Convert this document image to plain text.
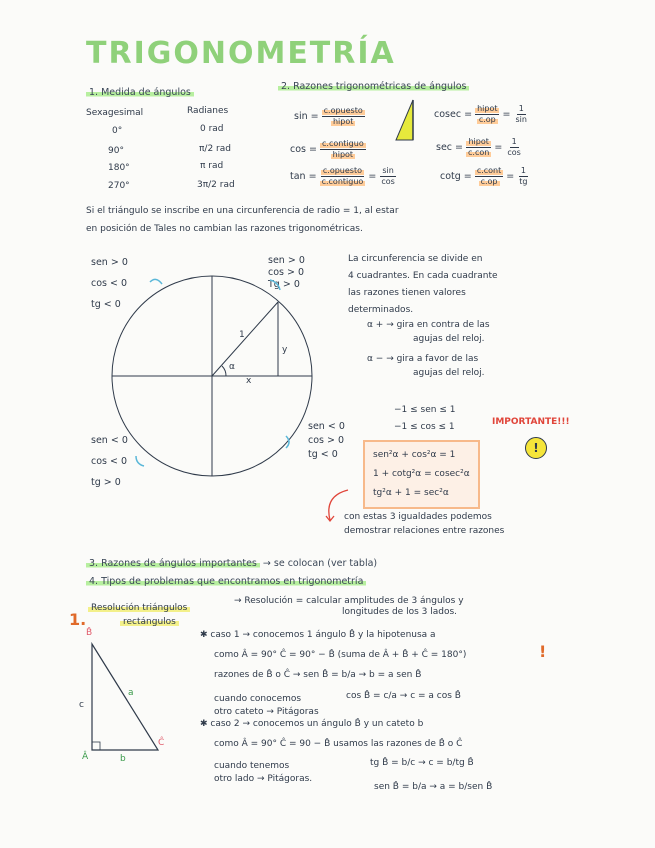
TRIGONOMETRÍA
1. Medida de ángulos
Sexagesimal	Radianes
0°	0 rad
90°	π/2 rad
180°	π rad
270°	3π/2 rad
2. Razones trigonométricas de ángulos
$\sin = \frac{\text{c.opuesto}}{\text{hipot}}$
$\cos = \frac{\text{c.contiguo}}{\text{hipot}}$
$\tan = \frac{\text{c.opuesto}}{\text{c.contiguo}} = \frac{\sin}{\cos}$
$cosec = \frac{\text{hipot}}{c.op} = \frac{1}{\sin}$
$\sec = \frac{\text{hipot}}{\text{c.con}} = \frac{1}{\cos}$
$\cot g = \frac{\text{c.cont}}{c.op} = \frac{1}{tg}$
Si el triángulo se inscribe en una circunferencia de radio = 1, al estar
en posición de Tales no cambian las razones trigonométricas.
sen > 0
cos < 0
tg < 0
sen > 0
cos > 0
Tg > 0
sen < 0
cos < 0
tg > 0
sen < 0
cos > 0
tg < 0
1
y
x
α
La circunferencia se divide en
4 cuadrantes. En cada cuadrante
las razones tienen valores
determinados.
α + → gira en contra de las
agujas del reloj.
α − → gira a favor de las
agujas del reloj.
−1 ≤ sen ≤ 1
−1 ≤ cos ≤ 1	IMPORTANTE!!!
!
sen²α + cos²α = 1
1 + cotg²α = cosec²α
tg²α + 1 = sec²α
con estas 3 igualdades podemos
demostrar relaciones entre razones
3. Razones de ángulos importantes → se colocan (ver tabla)
4. Tipos de problemas que encontramos en trigonometría
1.
Resolución triángulos
rectángulos
→ Resolución = calcular amplitudes de 3 ángulos y
longitudes de los 3 lados.
B̂
Ĉ
Â
a
b
c
✱ caso 1 → conocemos 1 ángulo B̂ y la hipotenusa a
como Â = 90° Ĉ = 90° − B̂ (suma de Â + B̂ + Ĉ = 180°)	!
razones de B̂ o Ĉ → sen B̂ = b/a → b = a sen B̂
cuando conocemos
otro cateto → Pitágoras
cos B̂ = c/a → c = a cos B̂
✱ caso 2 → conocemos un ángulo B̂ y un cateto b
como Â = 90° Ĉ = 90 − B̂ usamos las razones de B̂ o Ĉ
cuando tenemos
otro lado → Pitágoras.
tg B̂ = b/c → c = b/tg B̂
sen B̂ = b/a → a = b/sen B̂
